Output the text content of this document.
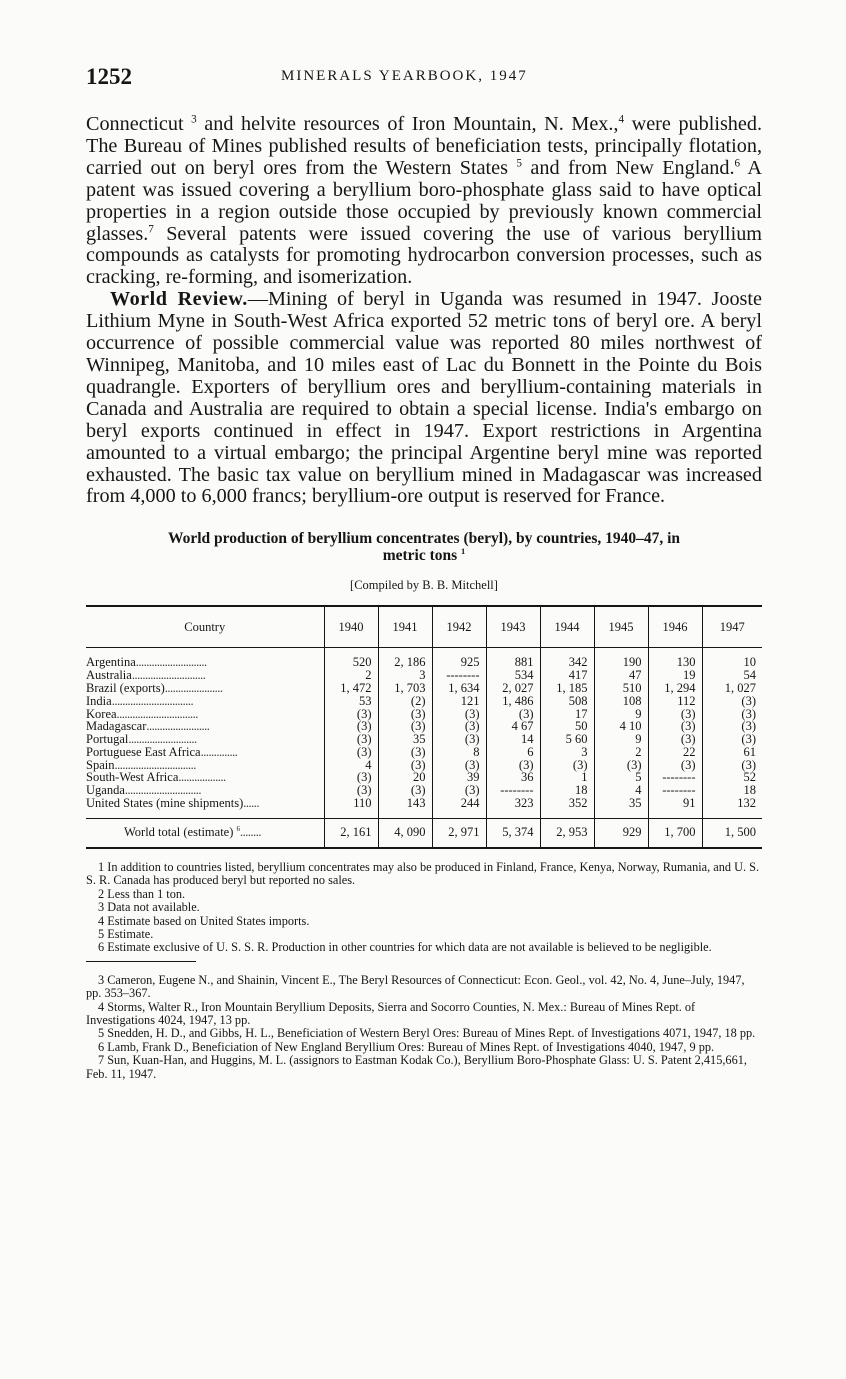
1252	MINERALS YEARBOOK, 1947

Connecticut $^3$ and helvite resources of Iron Mountain, N. Mex.,$^4$ were published. The Bureau of Mines published results of beneficiation tests, principally flotation, carried out on beryl ores from the Western States $^5$ and from New England.$^6$ A patent was issued covering a beryllium boro-phosphate glass said to have optical properties in a region outside those occupied by previously known commercial glasses.$^7$ Several patents were issued covering the use of various beryllium compounds as catalysts for promoting hydrocarbon conversion processes, such as cracking, re-forming, and isomerization.

World Review.—Mining of beryl in Uganda was resumed in 1947. Jooste Lithium Myne in South-West Africa exported 52 metric tons of beryl ore. A beryl occurrence of possible commercial value was reported 80 miles northwest of Winnipeg, Manitoba, and 10 miles east of Lac du Bonnett in the Pointe du Bois quadrangle. Exporters of beryllium ores and beryllium-containing materials in Canada and Australia are required to obtain a special license. India's embargo on beryl exports continued in effect in 1947. Export restrictions in Argentina amounted to a virtual embargo; the principal Argentine beryl mine was reported exhausted. The basic tax value on beryllium mined in Madagascar was increased from 4,000 to 6,000 francs; beryllium-ore output is reserved for France.

World production of beryllium concentrates (beryl), by countries, 1940–47, in
metric tons $^1$
[Compiled by B. B. Mitchell]
Country	1940	1941	1942	1943	1944	1945	1946	1947

Argentina...........................	520	2, 186	925	881	342	190	130	10
Australia............................	2	3	--------	534	417	47	19	54
Brazil (exports)......................	1, 472	1, 703	1, 634	2, 027	1, 185	510	1, 294	1, 027
India...............................	53	(2)	121	1, 486	508	108	112	(3)
Korea...............................	(3)	(3)	(3)	(3)	17	9	(3)	(3)
Madagascar........................	(3)	(3)	(3)	4 67	50	4 10	(3)	(3)
Portugal..........................	(3)	35	(3)	14	5 60	9	(3)	(3)
Portuguese East Africa..............	(3)	(3)	8	6	3	2	22	61
Spain...............................	4	(3)	(3)	(3)	(3)	(3)	(3)	(3)
South-West Africa..................	(3)	20	39	36	1	5	--------	52
Uganda.............................	(3)	(3)	(3)	--------	18	4	--------	18
United States (mine shipments)......	110	143	244	323	352	35	91	132

World total (estimate) $^6$........	2, 161	4, 090	2, 971	5, 374	2, 953	929	1, 700	1, 500
1 In addition to countries listed, beryllium concentrates may also be produced in Finland, France, Kenya, Norway, Rumania, and U. S. S. R. Canada has produced beryl but reported no sales.
2 Less than 1 ton.
3 Data not available.
4 Estimate based on United States imports.
5 Estimate.
6 Estimate exclusive of U. S. S. R. Production in other countries for which data are not available is believed to be negligible.
3 Cameron, Eugene N., and Shainin, Vincent E., The Beryl Resources of Connecticut: Econ. Geol., vol. 42, No. 4, June–July, 1947, pp. 353–367.
4 Storms, Walter R., Iron Mountain Beryllium Deposits, Sierra and Socorro Counties, N. Mex.: Bureau of Mines Rept. of Investigations 4024, 1947, 13 pp.
5 Snedden, H. D., and Gibbs, H. L., Beneficiation of Western Beryl Ores: Bureau of Mines Rept. of Investigations 4071, 1947, 18 pp.
6 Lamb, Frank D., Beneficiation of New England Beryllium Ores: Bureau of Mines Rept. of Investigations 4040, 1947, 9 pp.
7 Sun, Kuan-Han, and Huggins, M. L. (assignors to Eastman Kodak Co.), Beryllium Boro-Phosphate Glass: U. S. Patent 2,415,661, Feb. 11, 1947.
